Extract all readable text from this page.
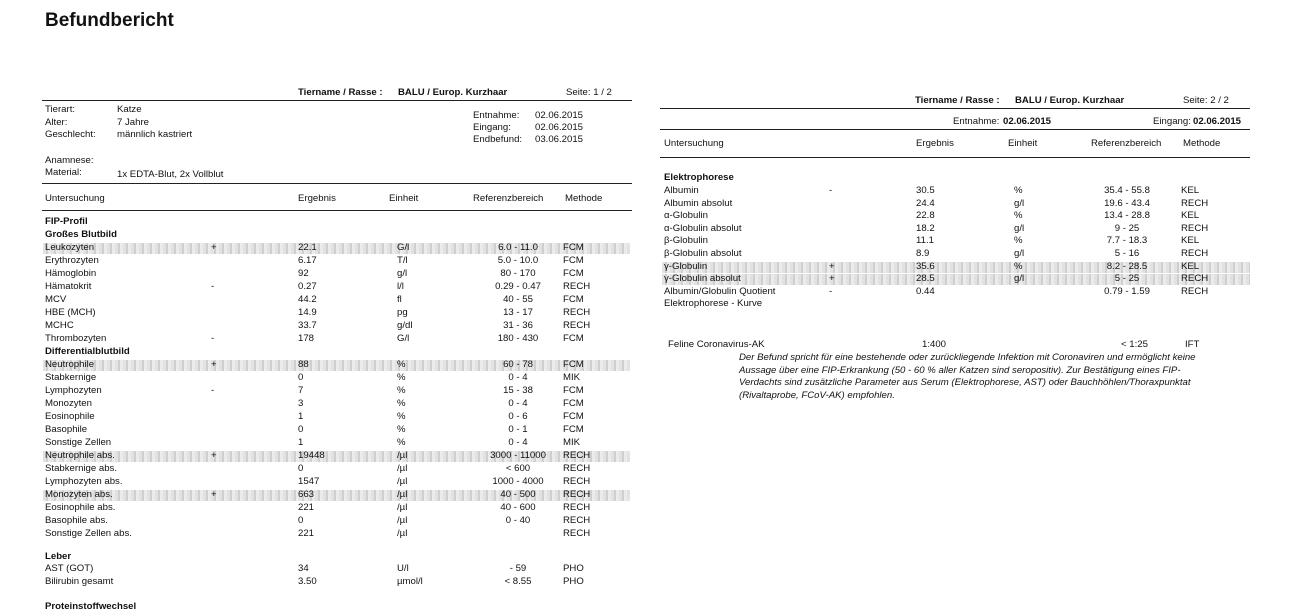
Befundbericht
Tiername / Rasse : BALU / Europ. Kurzhaar	Seite: 1 / 2
Tierart:	Katze
Alter:	7 Jahre
Geschlecht: männlich kastriert
Entnahme: 02.06.2015
Eingang:	02.06.2015
Endbefund: 03.06.2015
Anamnese:
Material:	1x EDTA-Blut, 2x Vollblut
Untersuchung	Ergebnis	Einheit	Referenzbereich Methode
FIP-Profil
Großes Blutbild
Leukozyten	+	22.1	G/l	6.0 - 11.0	FCM
Erythrozyten	6.17	T/l	5.0 - 10.0	FCM
Hämoglobin	92	g/l	80 - 170	FCM
Hämatokrit	-	0.27	l/l	0.29 - 0.47	RECH
MCV	44.2	fl	40 - 55	FCM
HBE (MCH)	14.9	pg	13 - 17	RECH
MCHC	33.7	g/dl	31 - 36	RECH
Thrombozyten	-	178	G/l	180 - 430	FCM
Differentialblutbild
Neutrophile	+	88	%	60 - 78	FCM
Stabkernige	0	%	0 - 4	MIK
Lymphozyten	-	7	%	15 - 38	FCM
Monozyten	3	%	0 - 4	FCM
Eosinophile	1	%	0 - 6	FCM
Basophile	0	%	0 - 1	FCM
Sonstige Zellen	1	%	0 - 4	MIK
Neutrophile abs.	+	19448	/µl	3000 - 11000	RECH
Stabkernige abs.	0	/µl	< 600	RECH
Lymphozyten abs.	1547	/µl	1000 - 4000	RECH
Monozyten abs.	+	663	/µl	40 - 500	RECH
Eosinophile abs.	221	/µl	40 - 600	RECH
Basophile abs.	0	/µl	0 - 40	RECH
Sonstige Zellen abs.	221	/µl	RECH
Leber
AST (GOT)	34	U/l	- 59	PHO
Bilirubin gesamt	3.50	µmol/l	< 8.55	PHO
Proteinstoffwechsel
Tiername / Rasse : BALU / Europ. Kurzhaar	Seite: 2 / 2
Entnahme: 02.06.2015	Eingang: 02.06.2015
Untersuchung	Ergebnis	Einheit	Referenzbereich Methode
Elektrophorese
Albumin	-	30.5	%	35.4 - 55.8	KEL
Albumin absolut	24.4	g/l	19.6 - 43.4	RECH
α-Globulin	22.8	%	13.4 - 28.8	KEL
α-Globulin absolut	18.2	g/l	9 - 25	RECH
β-Globulin	11.1	%	7.7 - 18.3	KEL
β-Globulin absolut	8.9	g/l	5 - 16	RECH
γ-Globulin	+	35.6	%	8.2 - 28.5	KEL
γ-Globulin absolut	+	28.5	g/l	5 - 25	RECH
Albumin/Globulin Quotient	-	0.44	0.79 - 1.59	RECH
Elektrophorese - Kurve
Feline Coronavirus-AK	1:400	< 1:25	IFT
Der Befund spricht für eine bestehende oder zurückliegende Infektion mit Coronaviren und ermöglicht keine Aussage über eine FIP-Erkrankung (50 - 60 % aller Katzen sind seropositiv). Zur Bestätigung eines FIP-Verdachts sind zusätzliche Parameter aus Serum (Elektrophorese, AST) oder Bauchhöhlen/Thoraxpunktat (Rivaltaprobe, FCoV-AK) empfohlen.
